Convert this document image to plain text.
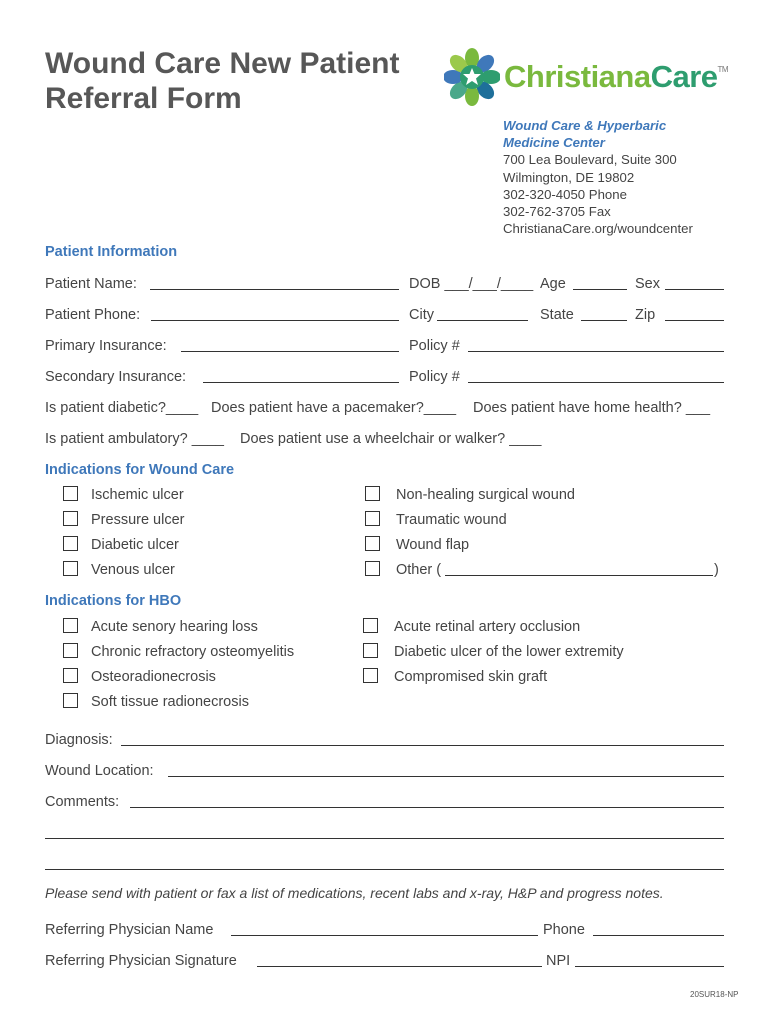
Wound Care New Patient Referral Form
ChristianaCare™
Wound Care & Hyperbaric
Medicine Center
700 Lea Boulevard, Suite 300
Wilmington, DE 19802
302-320-4050 Phone
302-762-3705 Fax
ChristianaCare.org/woundcenter
Patient Information
Patient Name:	DOB ___/___/____ Age	Sex
Patient Phone:	City	State	Zip
Primary Insurance:	Policy #
Secondary Insurance:	Policy #
Is patient diabetic?____ Does patient have a pacemaker?____ Does patient have home health? ___
Is patient ambulatory? ____ Does patient use a wheelchair or walker? ____
Indications for Wound Care
Ischemic ulcer
Pressure ulcer
Diabetic ulcer
Venous ulcer
Non-healing surgical wound
Traumatic wound
Wound flap
Other (	)
Indications for HBO
Acute senory hearing loss
Chronic refractory osteomyelitis
Osteoradionecrosis
Soft tissue radionecrosis
Acute retinal artery occlusion
Diabetic ulcer of the lower extremity
Compromised skin graft
Diagnosis:
Wound Location:
Comments:
Please send with patient or fax a list of medications, recent labs and x-ray, H&P and progress notes.
Referring Physician Name	Phone
Referring Physician Signature	NPI
20SUR18-NP
